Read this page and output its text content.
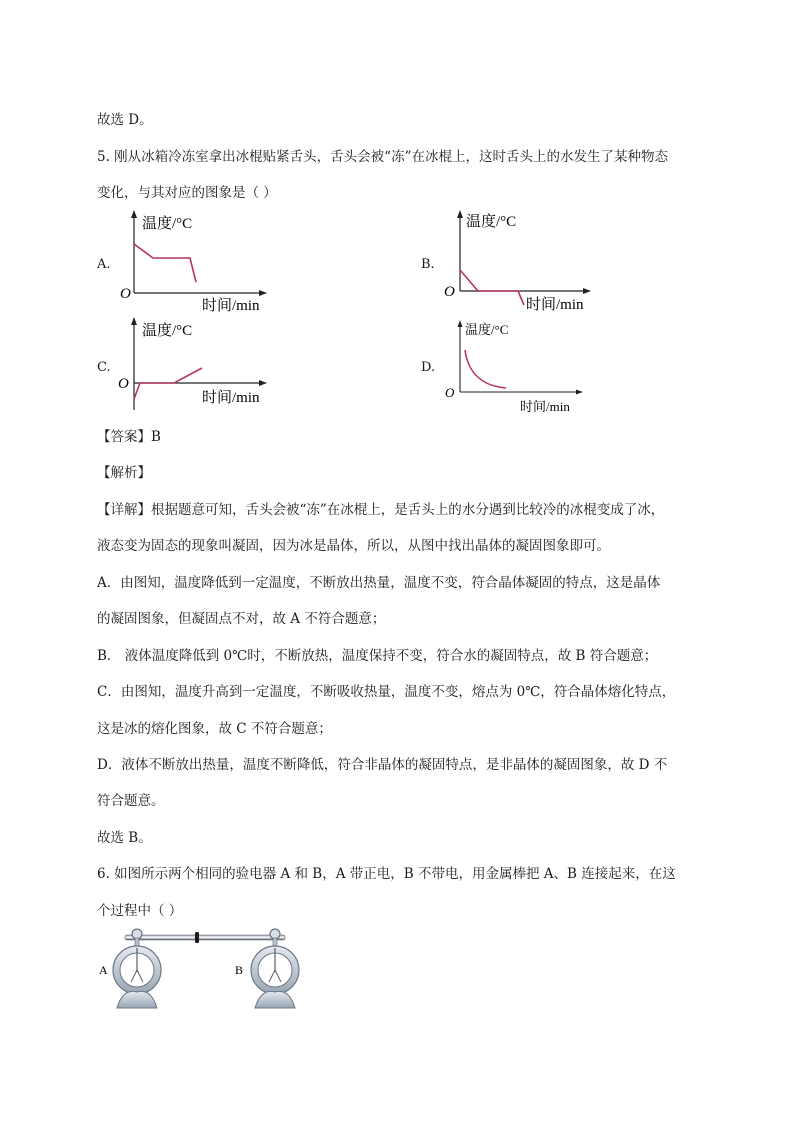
故选 D。
5. 刚从冰箱冷冻室拿出冰棍贴紧舌头，舌头会被“冻”在冰棍上，这时舌头上的水发生了某种物态
变化，与其对应的图象是（ ）
A.
温度/°C
O
时间/min
B.
温度/°C
O
时间/min
C.
温度/°C
O
时间/min
D.
温度/°C
O
时间/min
【答案】B
【解析】
【详解】根据题意可知，舌头会被“冻”在冰棍上，是舌头上的水分遇到比较冷的冰棍变成了冰，
液态变为固态的现象叫凝固，因为冰是晶体，所以，从图中找出晶体的凝固图象即可。
A．由图知，温度降低到一定温度，不断放出热量，温度不变，符合晶体凝固的特点，这是晶体
的凝固图象，但凝固点不对，故 A 不符合题意；
B． 液体温度降低到 0℃时，不断放热，温度保持不变，符合水的凝固特点，故 B 符合题意；
C．由图知，温度升高到一定温度，不断吸收热量，温度不变，熔点为 0℃，符合晶体熔化特点，
这是冰的熔化图象，故 C 不符合题意；
D．液体不断放出热量，温度不断降低，符合非晶体的凝固特点，是非晶体的凝固图象，故 D 不
符合题意。
故选 B。
6. 如图所示两个相同的验电器 A 和 B，A 带正电，B 不带电，用金属棒把 A、B 连接起来，在这
个过程中（ ）
A	B
